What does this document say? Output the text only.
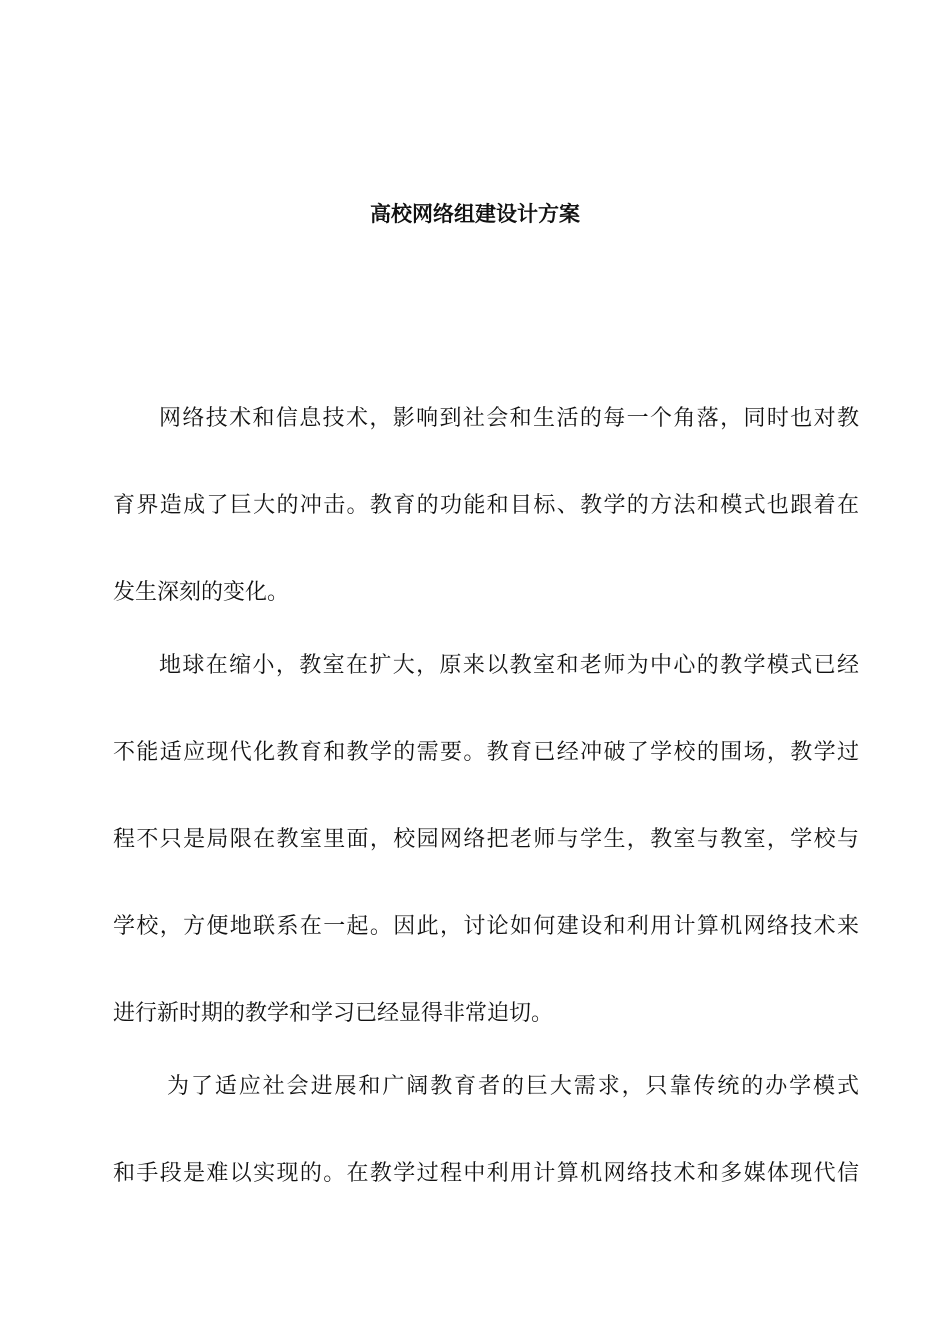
高校网络组建设计方案
网络技术和信息技术，影响到社会和生活的每一个角落，同时也对教
育界造成了巨大的冲击。教育的功能和目标、教学的方法和模式也跟着在
发生深刻的变化。
地球在缩小，教室在扩大，原来以教室和老师为中心的教学模式已经
不能适应现代化教育和教学的需要。教育已经冲破了学校的围场，教学过
程不只是局限在教室里面，校园网络把老师与学生，教室与教室，学校与
学校，方便地联系在一起。因此，讨论如何建设和利用计算机网络技术来
进行新时期的教学和学习已经显得非常迫切。
为了适应社会进展和广阔教育者的巨大需求，只靠传统的办学模式
和手段是难以实现的。在教学过程中利用计算机网络技术和多媒体现代信
